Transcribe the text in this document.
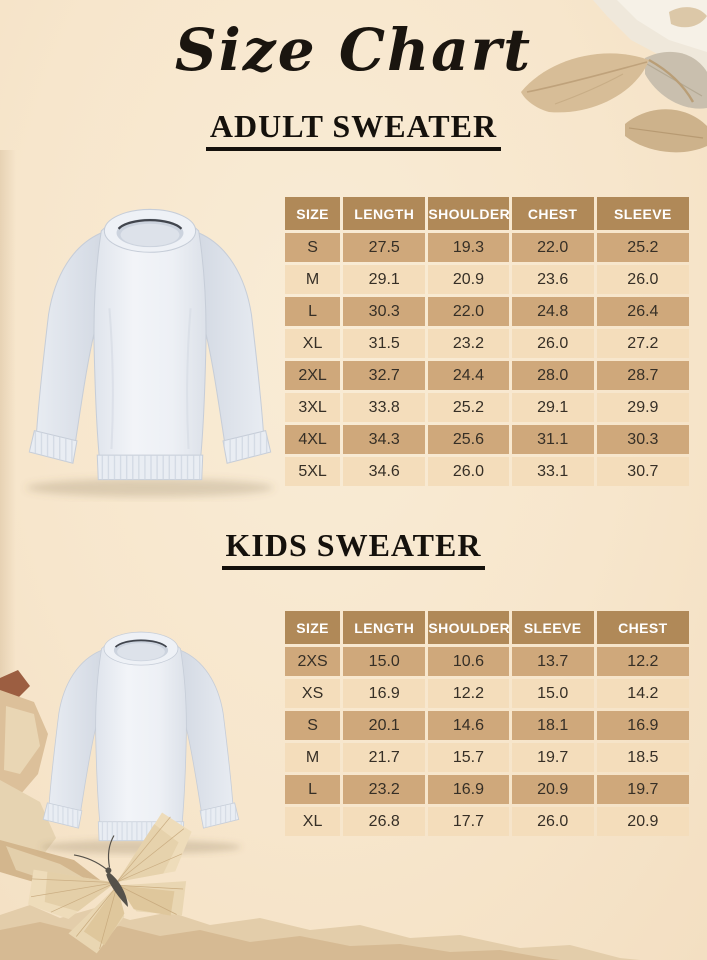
Size Chart
ADULT SWEATER
SIZE	LENGTH	SHOULDER	CHEST	SLEEVE
S	27.5	19.3	22.0	25.2
M	29.1	20.9	23.6	26.0
L	30.3	22.0	24.8	26.4
XL	31.5	23.2	26.0	27.2
2XL	32.7	24.4	28.0	28.7
3XL	33.8	25.2	29.1	29.9
4XL	34.3	25.6	31.1	30.3
5XL	34.6	26.0	33.1	30.7
KIDS SWEATER
SIZE	LENGTH	SHOULDER	SLEEVE	CHEST
2XS	15.0	10.6	13.7	12.2
XS	16.9	12.2	15.0	14.2
S	20.1	14.6	18.1	16.9
M	21.7	15.7	19.7	18.5
L	23.2	16.9	20.9	19.7
XL	26.8	17.7	26.0	20.9
